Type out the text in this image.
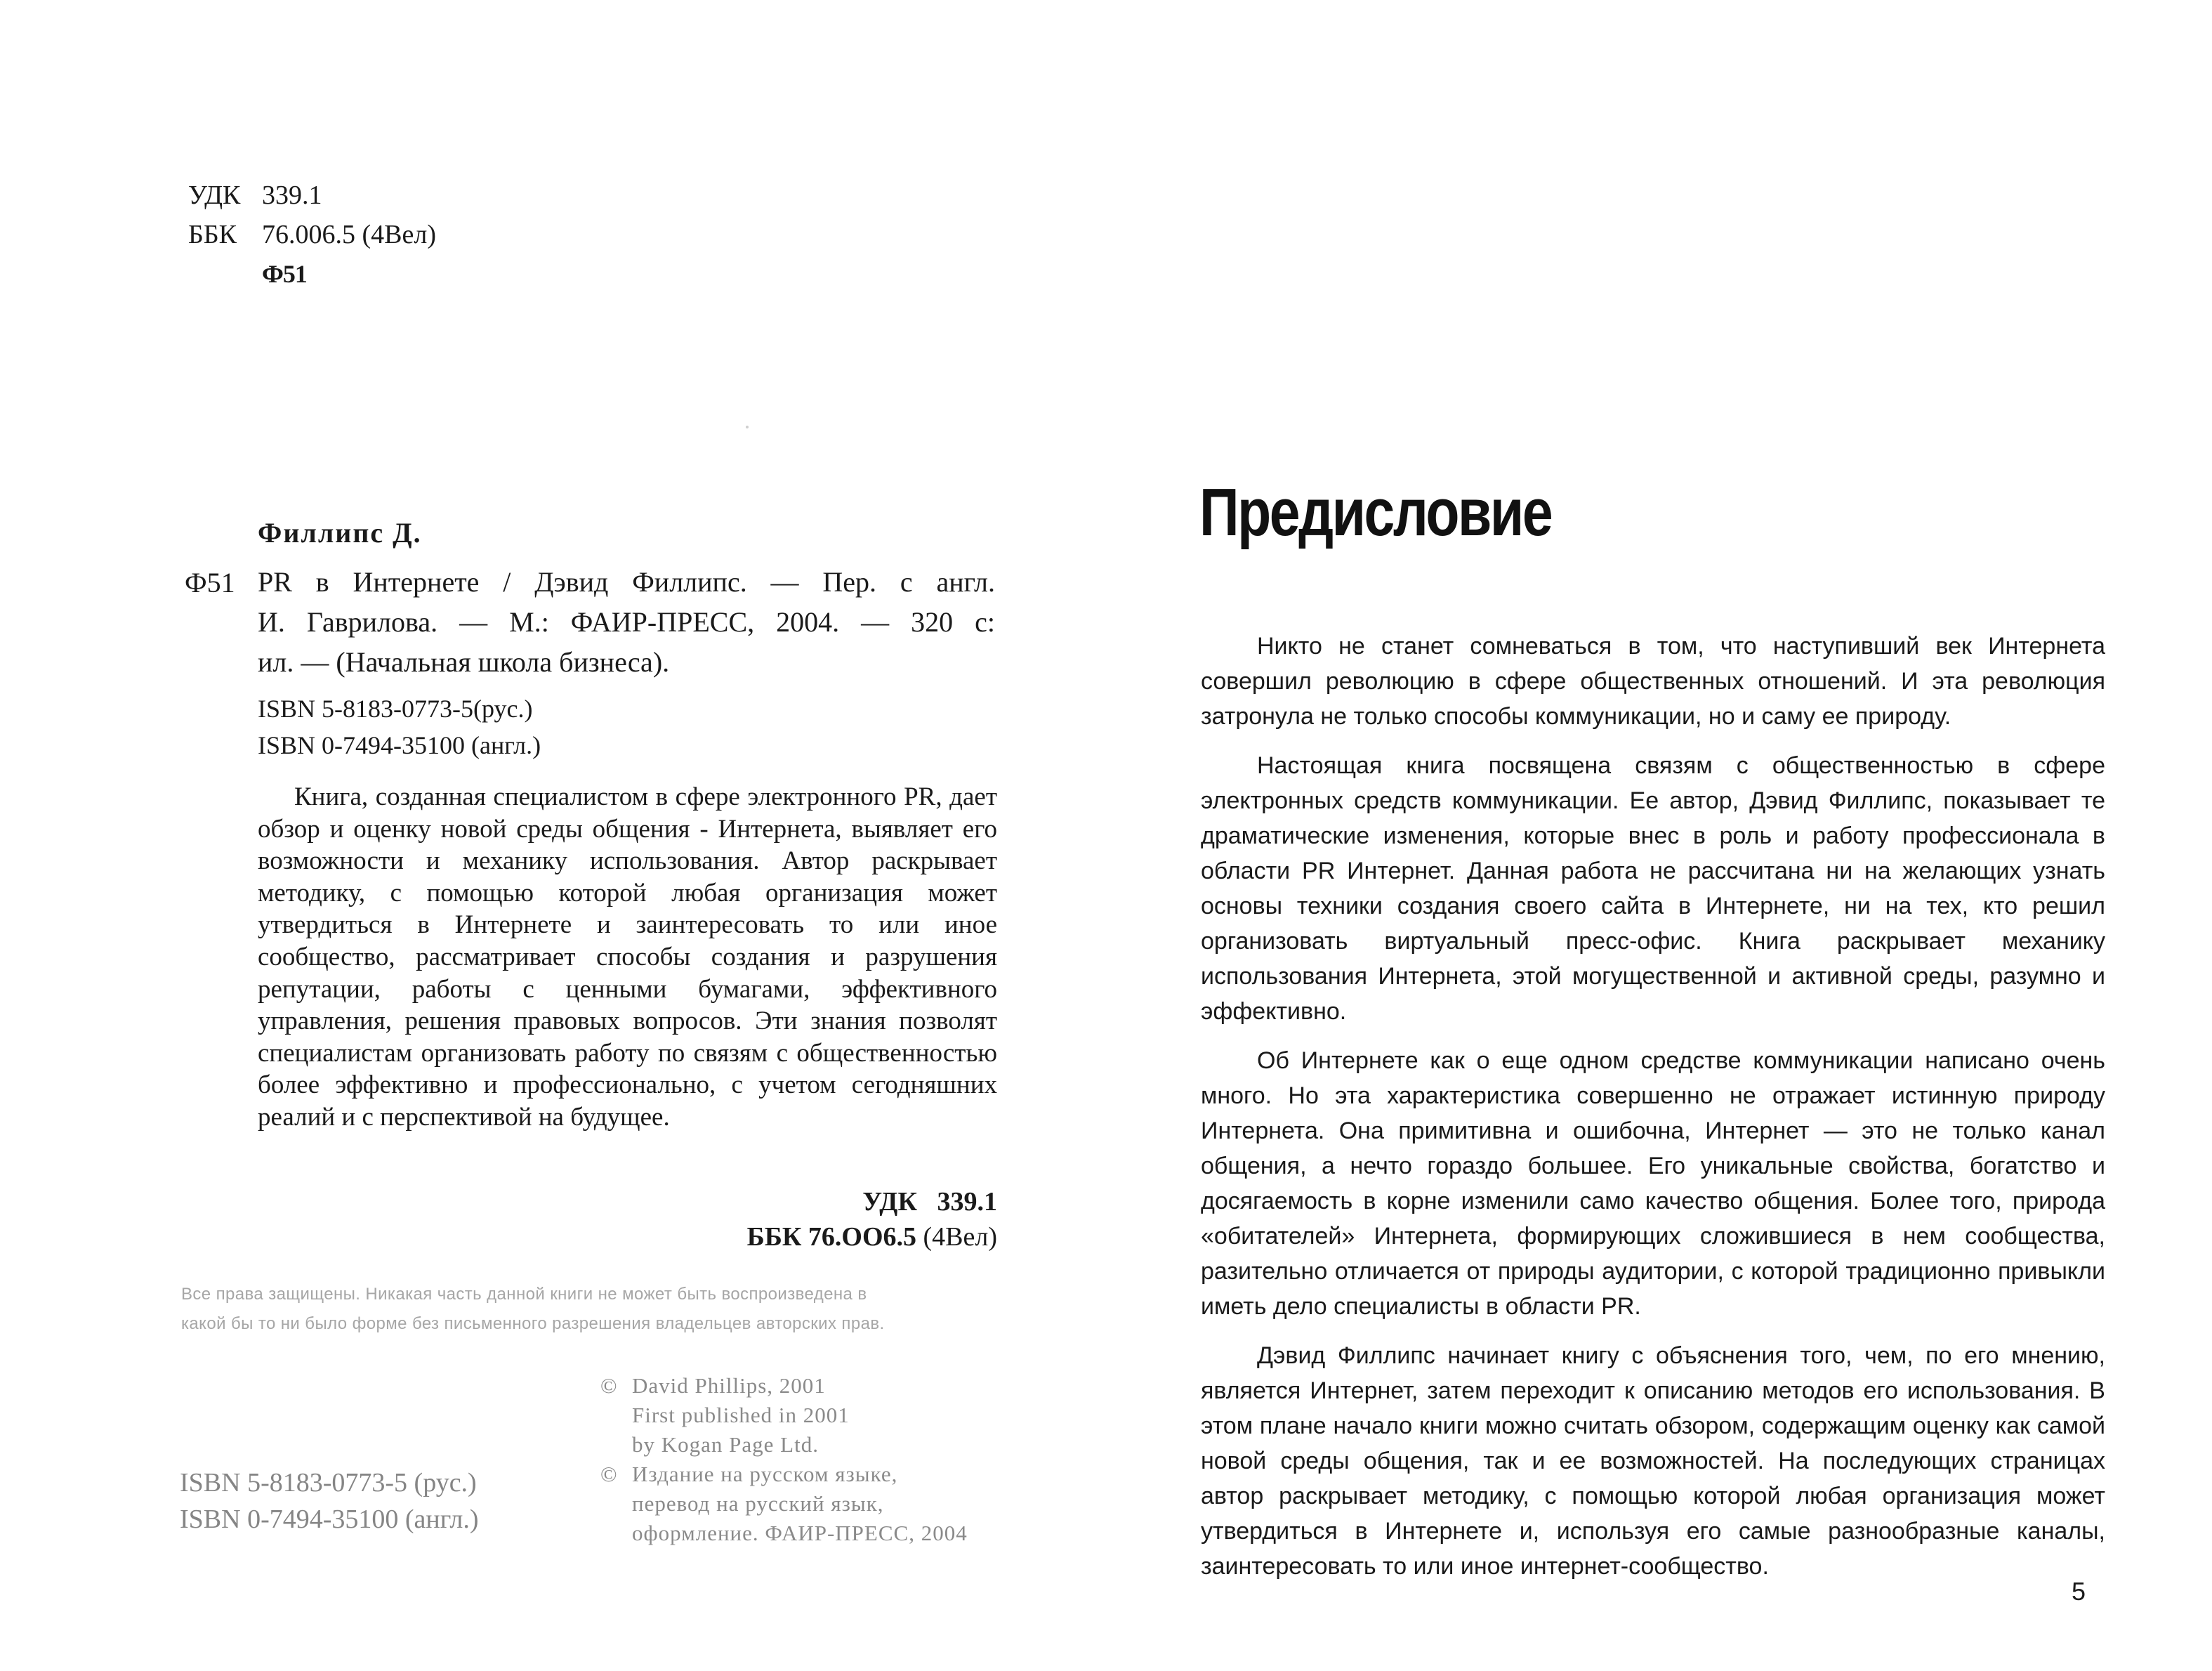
УДК 339.1
ББК 76.006.5 (4Вел)
Ф51
Филлипс Д.
Ф51 PR в Интернете / Дэвид Филлипс. — Пер. с англ.
И. Гаврилова. — М.: ФАИР-ПРЕСС, 2004. — 320 с:
ил. — (Начальная школа бизнеса).
ISBN 5-8183-0773-5(рус.)
ISBN 0-7494-35100 (англ.)
Книга, созданная специалистом в сфере электронного PR, дает обзор и оценку новой среды общения - Интернета, выявляет его возможности и механику использования. Автор раскрывает методику, с помощью которой любая организация может утвердиться в Интернете и заинтересовать то или иное сообщество, рассматривает способы создания и разрушения репутации, работы с ценными бумагами, эффективного управления, решения правовых вопросов. Эти знания позволят специалистам организовать работу по связям с общественностью более эффективно и профессионально, с учетом сегодняшних реалий и с перспективой на будущее.
УДК   339.1
ББК 76.ОО6.5 (4Вел)
Все права защищены. Никакая часть данной книги не может быть воспроизведена в
какой бы то ни было форме без письменного разрешения владельцев авторских прав.
© David Phillips, 2001
First published in 2001
by Kogan Page Ltd.
© Издание на русском языке,
перевод на русский язык,
оформление. ФАИР-ПРЕСС, 2004
ISBN 5-8183-0773-5 (рус.)
ISBN 0-7494-35100 (англ.)
Предисловие

Никто не станет сомневаться в том, что наступивший век Интернета совершил революцию в сфере общественных отношений. И эта революция затронула не только способы коммуникации, но и саму ее природу.

Настоящая книга посвящена связям с общественностью в сфере электронных средств коммуникации. Ее автор, Дэвид Филлипс, показывает те драматические изменения, которые внес в роль и работу профессионала в области PR Интернет. Данная работа не рассчитана ни на желающих узнать основы техники создания своего сайта в Интернете, ни на тех, кто решил организовать виртуальный пресс-офис. Книга раскрывает механику использования Интернета, этой могущественной и активной среды, разумно и эффективно.

Об Интернете как о еще одном средстве коммуникации написано очень много. Но эта характеристика совершенно не отражает истинную природу Интернета. Она примитивна и ошибочна, Интернет — это не только канал общения, а нечто гораздо большее. Его уникальные свойства, богатство и досягаемость в корне изменили само качество общения. Более того, природа «обитателей» Интернета, формирующих сложившиеся в нем сообщества, разительно отличается от природы аудитории, с которой традиционно привыкли иметь дело специалисты в области PR.

Дэвид Филлипс начинает книгу с объяснения того, чем, по его мнению, является Интернет, затем переходит к описанию методов его использования. В этом плане начало книги можно считать обзором, содержащим оценку как самой новой среды общения, так и ее возможностей. На последующих страницах автор раскрывает методику, с помощью которой любая организация может утвердиться в Интернете и, используя его самые разнообразные каналы, заинтересовать то или иное интернет-сообщество.

5
